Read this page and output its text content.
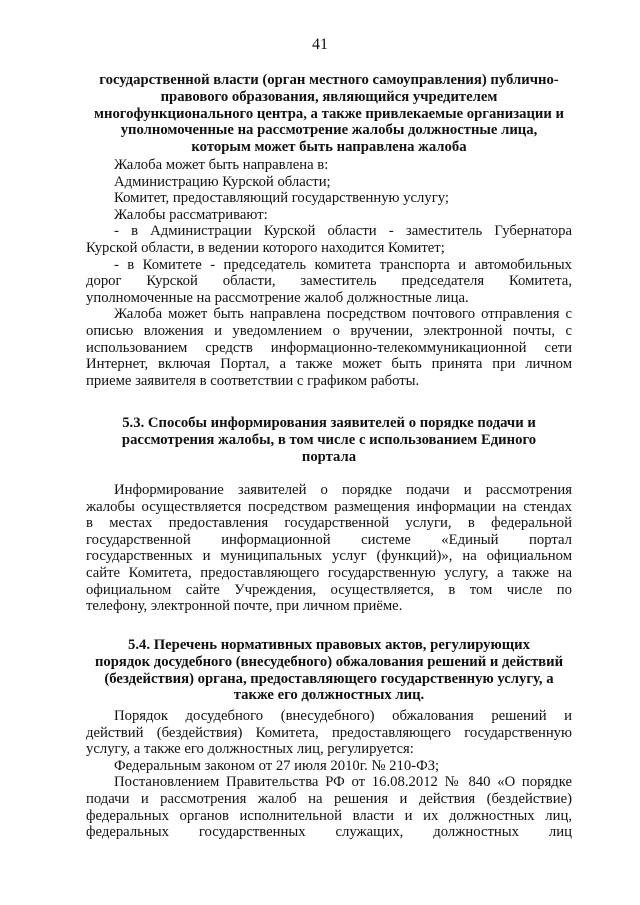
41
государственной власти (орган местного самоуправления) публично-
правового образования, являющийся учредителем
многофункционального центра, а также привлекаемые организации и
уполномоченные на рассмотрение жалобы должностные лица,
которым может быть направлена жалоба

Жалоба может быть направлена в:

Администрацию Курской области;

Комитет, предоставляющий государственную услугу;

Жалобы рассматривают:

- в Администрации Курской области - заместитель Губернатора
Курской области, в ведении которого находится Комитет;

- в Комитете - председатель комитета транспорта и автомобильных
дорог Курской области, заместитель председателя Комитета,
уполномоченные на рассмотрение жалоб должностные лица.

Жалоба может быть направлена посредством почтового отправления с
описью вложения и уведомлением о вручении, электронной почты, с
использованием средств информационно-телекоммуникационной сети
Интернет, включая Портал, а также может быть принята при личном
приеме заявителя в соответствии с графиком работы.

5.3. Способы информирования заявителей о порядке подачи и
рассмотрения жалобы, в том числе с использованием Единого
портала

Информирование заявителей о порядке подачи и рассмотрения
жалобы осуществляется посредством размещения информации на стендах
в местах предоставления государственной услуги, в федеральной
государственной информационной системе «Единый портал
государственных и муниципальных услуг (функций)», на официальном
сайте Комитета, предоставляющего государственную услугу, а также на
официальном сайте Учреждения, осуществляется, в том числе по
телефону, электронной почте, при личном приёме.

5.4. Перечень нормативных правовых актов, регулирующих
порядок досудебного (внесудебного) обжалования решений и действий
(бездействия) органа, предоставляющего государственную услугу, а
также его должностных лиц.

Порядок досудебного (внесудебного) обжалования решений и
действий (бездействия) Комитета, предоставляющего государственную
услугу, а также его должностных лиц, регулируется:

Федеральным законом от 27 июля 2010г. № 210-ФЗ;

Постановлением Правительства РФ от 16.08.2012 № 840 «О порядке
подачи и рассмотрения жалоб на решения и действия (бездействие)
федеральных органов исполнительной власти и их должностных лиц,
федеральных государственных служащих, должностных лиц
